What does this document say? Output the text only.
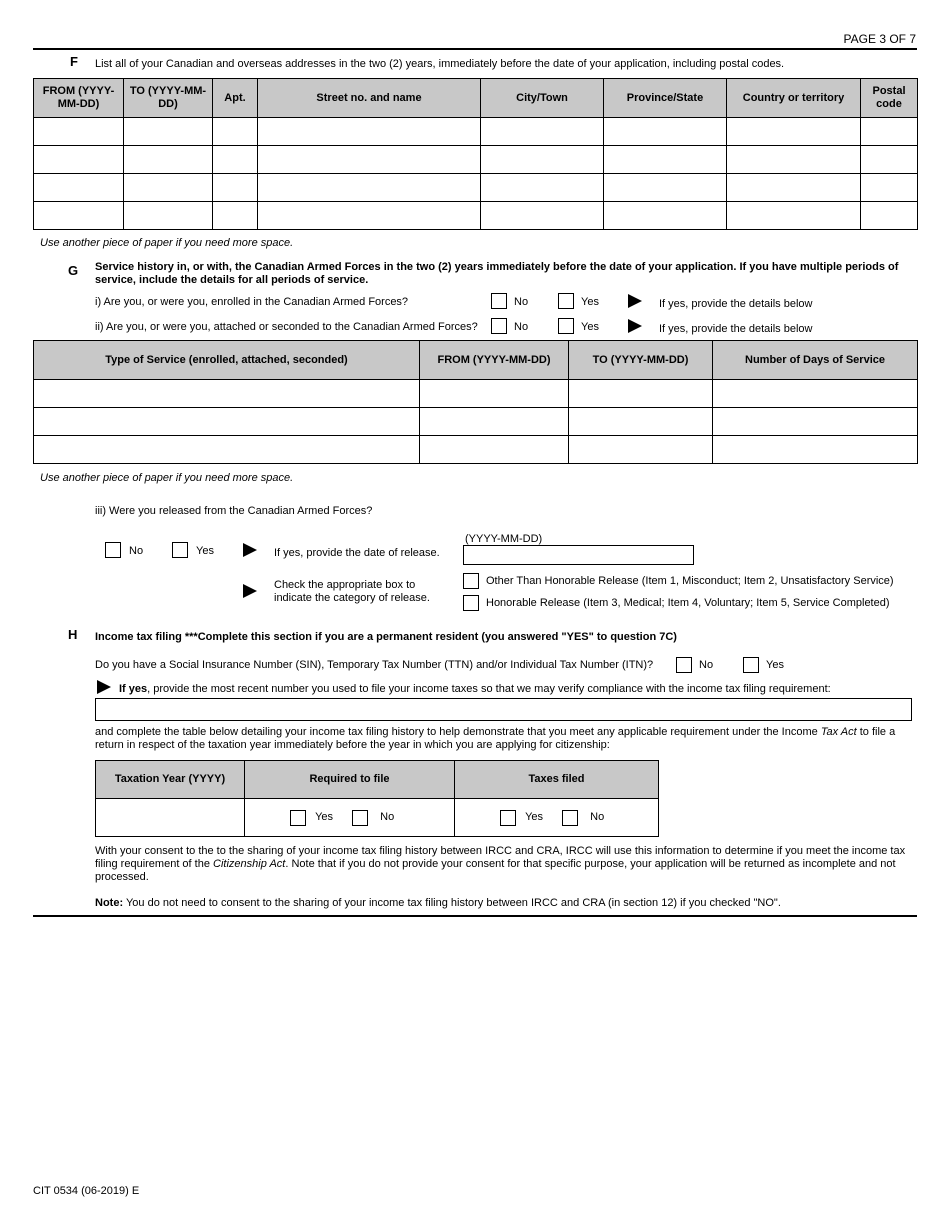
PAGE 3 OF 7
F List all of your Canadian and overseas addresses in the two (2) years, immediately before the date of your application, including postal codes.
FROM (YYYY-MM-DD)	TO (YYYY-MM-DD)	Apt.	Street no. and name	City/Town	Province/State	Country or territory	Postal code

Use another piece of paper if you need more space.
G Service history in, or with, the Canadian Armed Forces in the two (2) years immediately before the date of your application. If you have multiple periods of service, include the details for all periods of service.
i) Are you, or were you, enrolled in the Canadian Armed Forces?	No	Yes	If yes, provide the details below
ii) Are you, or were you, attached or seconded to the Canadian Armed Forces?	No	Yes	If yes, provide the details below
Type of Service (enrolled, attached, seconded)	FROM (YYYY-MM-DD)	TO (YYYY-MM-DD)	Number of Days of Service

Use another piece of paper if you need more space.
iii) Were you released from the Canadian Armed Forces?
No	Yes	If yes, provide the date of release.
(YYYY-MM-DD)
Check the appropriate box to
indicate the category of release.
Other Than Honorable Release (Item 1, Misconduct; Item 2, Unsatisfactory Service)
Honorable Release (Item 3, Medical; Item 4, Voluntary; Item 5, Service Completed)
H Income tax filing ***Complete this section if you are a permanent resident (you answered "YES" to question 7C)
Do you have a Social Insurance Number (SIN), Temporary Tax Number (TTN) and/or Individual Tax Number (ITN)?	No	Yes
If yes, provide the most recent number you used to file your income taxes so that we may verify compliance with the income tax filing requirement:
and complete the table below detailing your income tax filing history to help demonstrate that you meet any applicable requirement under the Income Tax Act to file a return in respect of the taxation year immediately before the year in which you are applying for citizenship:
Taxation Year (YYYY)	Required to file	Taxes filed
	Yes No	Yes No
With your consent to the to the sharing of your income tax filing history between IRCC and CRA, IRCC will use this information to determine if you meet the income tax filing requirement of the Citizenship Act. Note that if you do not provide your consent for that specific purpose, your application will be returned as incomplete and not processed.
Note: You do not need to consent to the sharing of your income tax filing history between IRCC and CRA (in section 12) if you checked "NO".
CIT 0534 (06-2019) E
